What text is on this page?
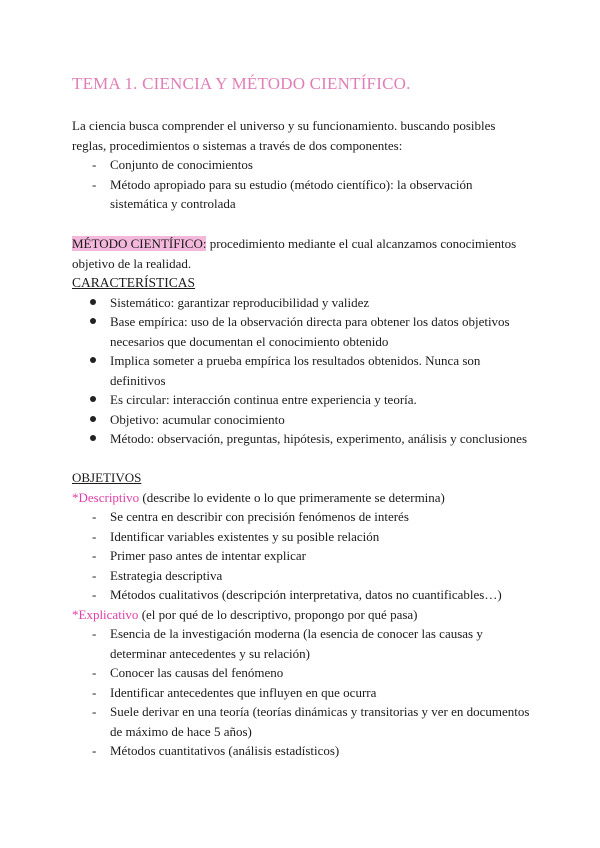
TEMA 1. CIENCIA Y MÉTODO CIENTÍFICO.

La ciencia busca comprender el universo y su funcionamiento. buscando posibles reglas, procedimientos o sistemas a través de dos componentes:

- Conjunto de conocimientos
- Método apropiado para su estudio (método científico): la observación sistemática y controlada

MÉTODO CIENTÍFICO: procedimiento mediante el cual alcanzamos conocimientos objetivo de la realidad.

CARACTERÍSTICAS

Sistemático: garantizar reproducibilidad y validez
Base empírica: uso de la observación directa para obtener los datos objetivos necesarios que documentan el conocimiento obtenido
Implica someter a prueba empírica los resultados obtenidos. Nunca son definitivos
Es circular: interacción continua entre experiencia y teoría.
Objetivo: acumular conocimiento
Método: observación, preguntas, hipótesis, experimento, análisis y conclusiones

OBJETIVOS

*Descriptivo (describe lo evidente o lo que primeramente se determina)

- Se centra en describir con precisión fenómenos de interés
- Identificar variables existentes y su posible relación
- Primer paso antes de intentar explicar
- Estrategia descriptiva
- Métodos cualitativos (descripción interpretativa, datos no cuantificables…)

*Explicativo (el por qué de lo descriptivo, propongo por qué pasa)

- Esencia de la investigación moderna (la esencia de conocer las causas y determinar antecedentes y su relación)
- Conocer las causas del fenómeno
- Identificar antecedentes que influyen en que ocurra
- Suele derivar en una teoría (teorías dinámicas y transitorias y ver en documentos de máximo de hace 5 años)
- Métodos cuantitativos (análisis estadísticos)
